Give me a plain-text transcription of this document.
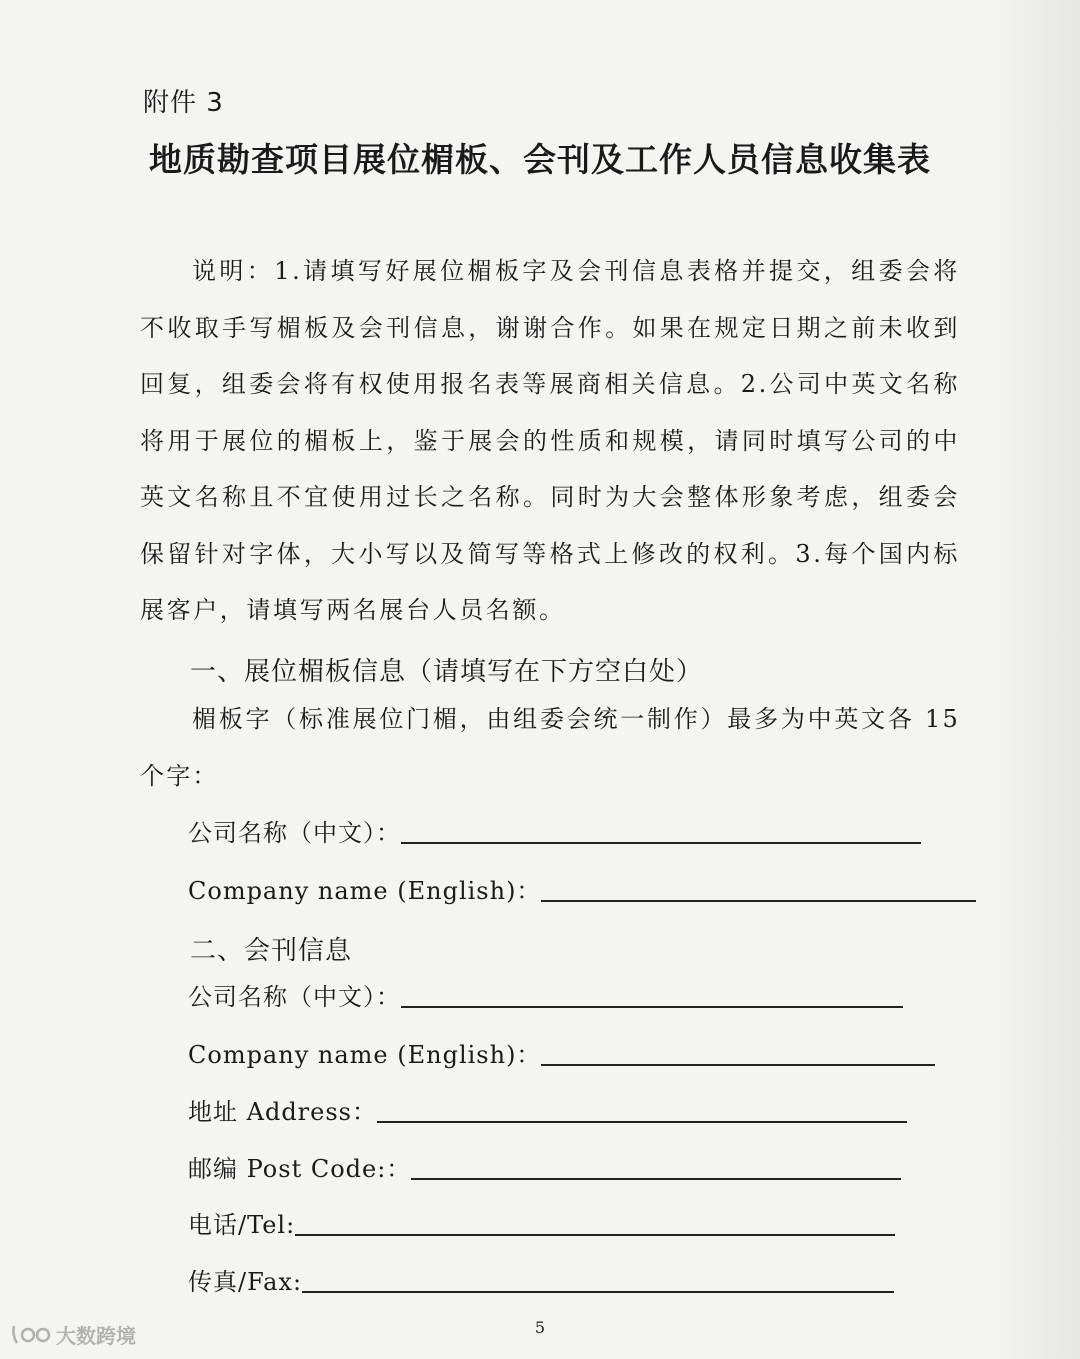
附件 3
地质勘查项目展位楣板、会刊及工作人员信息收集表
说明：1.请填写好展位楣板字及会刊信息表格并提交，组委会将不收取手写楣板及会刊信息，谢谢合作。如果在规定日期之前未收到回复，组委会将有权使用报名表等展商相关信息。2.公司中英文名称将用于展位的楣板上，鉴于展会的性质和规模，请同时填写公司的中英文名称且不宜使用过长之名称。同时为大会整体形象考虑，组委会保留针对字体，大小写以及简写等格式上修改的权利。3.每个国内标展客户，请填写两名展台人员名额。
一、展位楣板信息（请填写在下方空白处）
楣板字（标准展位门楣，由组委会统一制作）最多为中英文各 15 个字：
公司名称（中文）：
Company name (English)：
二、会刊信息
公司名称（中文）：
Company name (English)：
地址 Address：
邮编 Post Code:：
电话/Tel:
传真/Fax:
5
大数跨境
